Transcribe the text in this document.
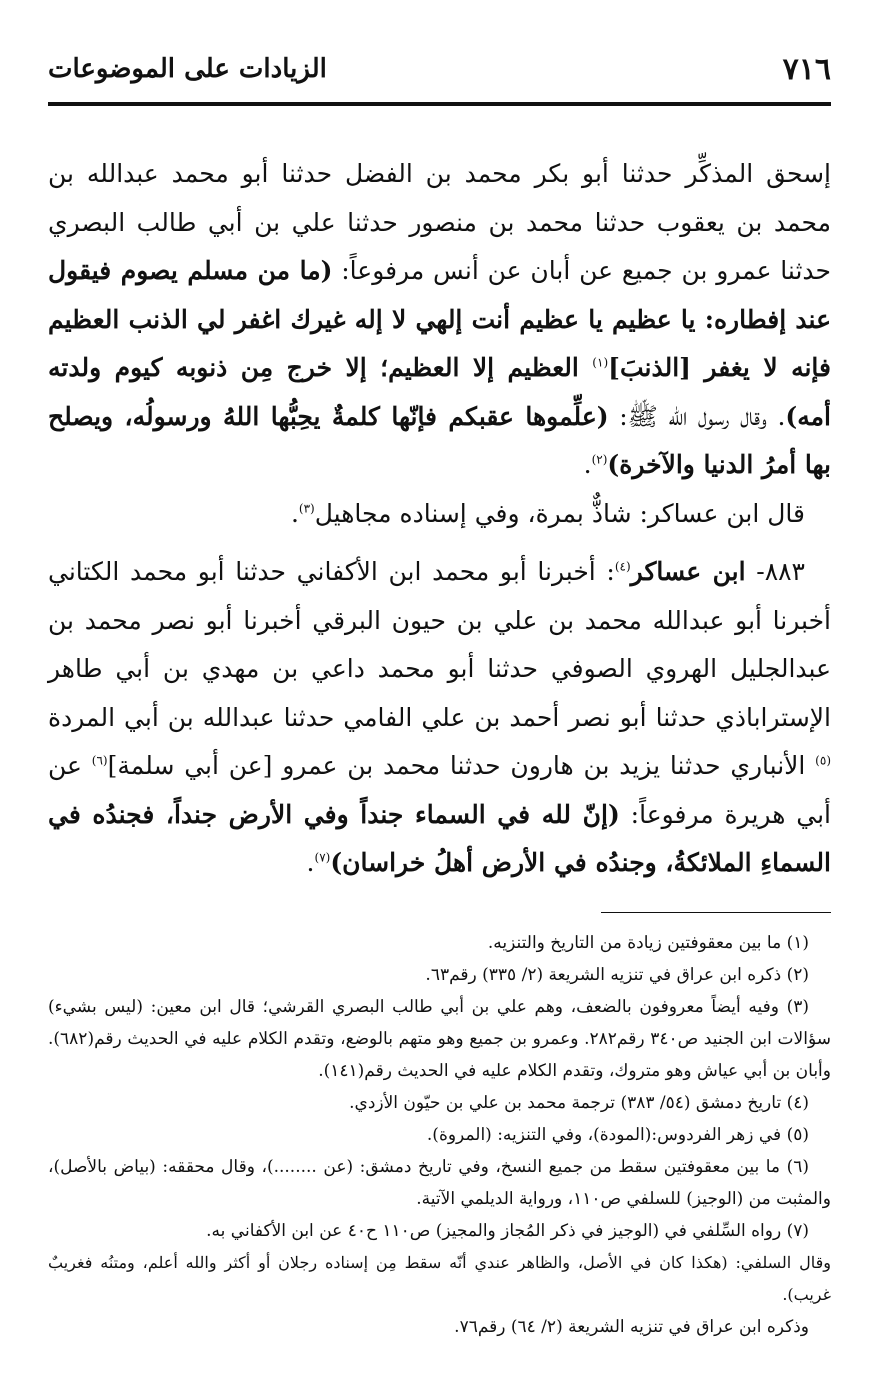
٧١٦
الزيادات على الموضوعات

إسحق المذكِّر حدثنا أبو بكر محمد بن الفضل حدثنا أبو محمد عبدالله بن محمد بن يعقوب حدثنا محمد بن منصور حدثنا علي بن أبي طالب البصري حدثنا عمرو بن جميع عن أبان عن أنس مرفوعاً: (ما من مسلم يصوم فيقول عند إفطاره: يا عظيم يا عظيم أنت إلهي لا إله غيرك اغفر لي الذنب العظيم فإنه لا يغفر [الذنبَ]$^{(١)}$ العظيم إلا العظيم؛ إلا خرج مِن ذنوبه كيوم ولدته أمه). وقال رسول الله ﷺ: (علِّموها عقبكم فإنّها كلمةٌ يحِبُّها اللهُ ورسولُه، ويصلح بها أمرُ الدنيا والآخرة)$^{(٢)}$.

قال ابن عساكر: شاذٌّ بمرة، وفي إسناده مجاهيل$^{(٣)}$.

٨٨٣- ابن عساكر$^{(٤)}$: أخبرنا أبو محمد ابن الأكفاني حدثنا أبو محمد الكتاني أخبرنا أبو عبدالله محمد بن علي بن حيون البرقي أخبرنا أبو نصر محمد بن عبدالجليل الهروي الصوفي حدثنا أبو محمد داعي بن مهدي بن أبي طاهر الإستراباذي حدثنا أبو نصر أحمد بن علي الفامي حدثنا عبدالله بن أبي المردة $^{(٥)}$ الأنباري حدثنا يزيد بن هارون حدثنا محمد بن عمرو [عن أبي سلمة]$^{(٦)}$ عن أبي هريرة مرفوعاً: (إنّ لله في السماء جنداً وفي الأرض جنداً، فجندُه في السماءِ الملائكةُ، وجندُه في الأرض أهلُ خراسان)$^{(٧)}$.

(١) ما بين معقوفتين زيادة من التاريخ والتنزيه.

(٢) ذكره ابن عراق في تنزيه الشريعة (٢/ ٣٣٥) رقم٦٣.

(٣) وفيه أيضاً معروفون بالضعف، وهم علي بن أبي طالب البصري القرشي؛ قال ابن معين: (ليس بشيء) سؤالات ابن الجنيد ص٣٤٠ رقم٢٨٢. وعمرو بن جميع وهو متهم بالوضع، وتقدم الكلام عليه في الحديث رقم(٦٨٢). وأبان بن أبي عياش وهو متروك، وتقدم الكلام عليه في الحديث رقم(١٤١).

(٤) تاريخ دمشق (٥٤/ ٣٨٣) ترجمة محمد بن علي بن حيّون الأزدي.

(٥) في زهر الفردوس:(المودة)، وفي التنزيه: (المروة).

(٦) ما بين معقوفتين سقط من جميع النسخ، وفي تاريخ دمشق: (عن ........)، وقال محققه: (بياض بالأصل)، والمثبت من (الوجيز) للسلفي ص١١٠، ورواية الديلمي الآتية.

(٧) رواه السِّلفي في (الوجيز في ذكر المُجاز والمجيز) ص١١٠ ح٤٠ عن ابن الأكفاني به.

وقال السلفي: (هكذا كان في الأصل، والظاهر عندي أنّه سقط مِن إسناده رجلان أو أكثر والله أعلم، ومتنُه فغريبٌ غريب).

وذكره ابن عراق في تنزيه الشريعة (٢/ ٦٤) رقم٧٦.
